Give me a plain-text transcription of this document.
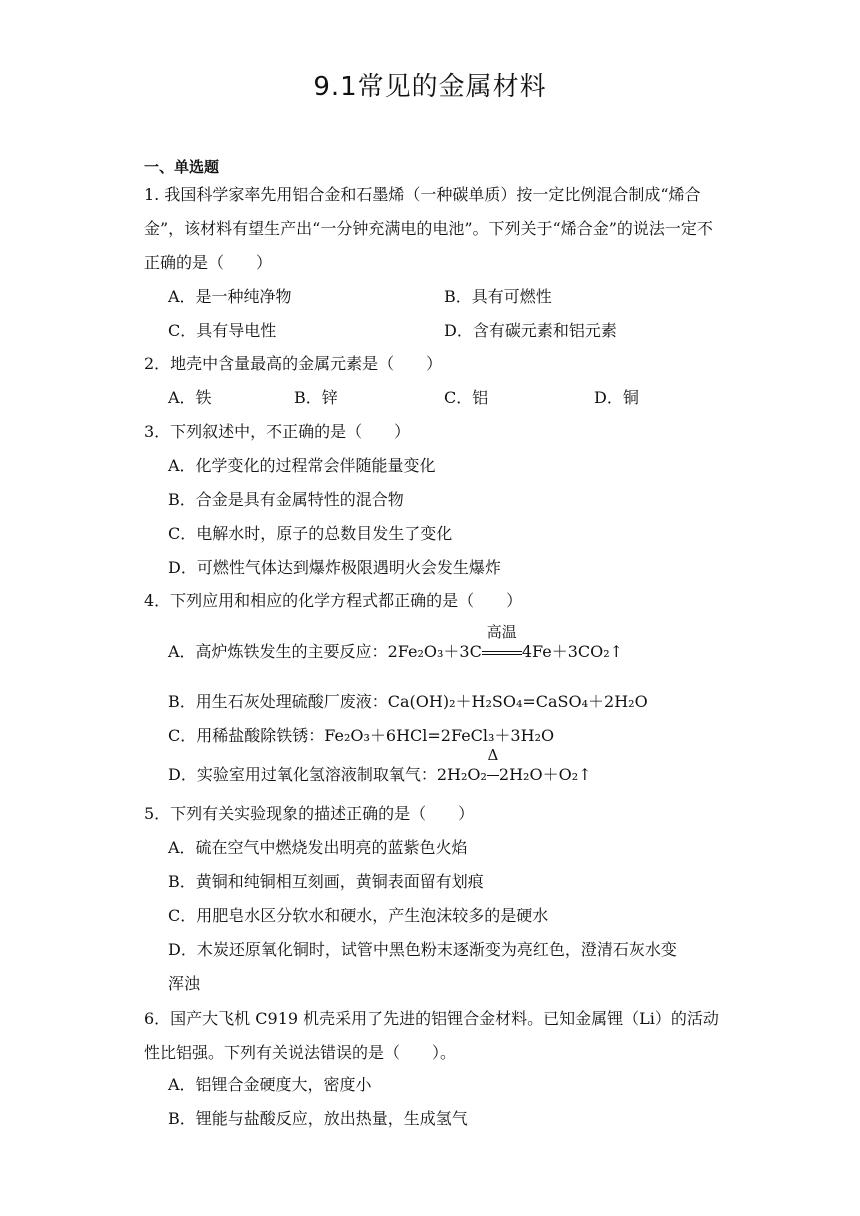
9.1常见的金属材料
一、单选题
1. 我国科学家率先用铝合金和石墨烯（一种碳单质）按一定比例混合制成“烯合金”，该材料有望生产出“一分钟充满电的电池”。下列关于“烯合金”的说法一定不正确的是（　　）
A．是一种纯净物	B．具有可燃性
C．具有导电性	D．含有碳元素和铝元素
2．地壳中含量最高的金属元素是（　　）
A．铁	B．锌	C．铝	D．铜
3．下列叙述中，不正确的是（　　）
A．化学变化的过程常会伴随能量变化
B．合金是具有金属特性的混合物
C．电解水时，原子的总数目发生了变化
D．可燃性气体达到爆炸极限遇明火会发生爆炸
4．下列应用和相应的化学方程式都正确的是（　　）
A．高炉炼铁发生的主要反应：2Fe₂O₃＋3C
高温
4Fe＋3CO₂↑
B．用生石灰处理硫酸厂废液：Ca(OH)₂＋H₂SO₄=CaSO₄＋2H₂O
C．用稀盐酸除铁锈：Fe₂O₃＋6HCl=2FeCl₃＋3H₂O
D．实验室用过氧化氢溶液制取氧气：2H₂O₂
Δ
2H₂O＋O₂↑
5．下列有关实验现象的描述正确的是（　　）
A．硫在空气中燃烧发出明亮的蓝紫色火焰
B．黄铜和纯铜相互刻画，黄铜表面留有划痕
C．用肥皂水区分软水和硬水，产生泡沫较多的是硬水
D．木炭还原氧化铜时，试管中黑色粉末逐渐变为亮红色，澄清石灰水变
浑浊
6．国产大飞机 C919 机壳采用了先进的铝锂合金材料。已知金属锂（Li）的活动性比铝强。下列有关说法错误的是（　　）。
A．铝锂合金硬度大，密度小
B．锂能与盐酸反应，放出热量，生成氢气
